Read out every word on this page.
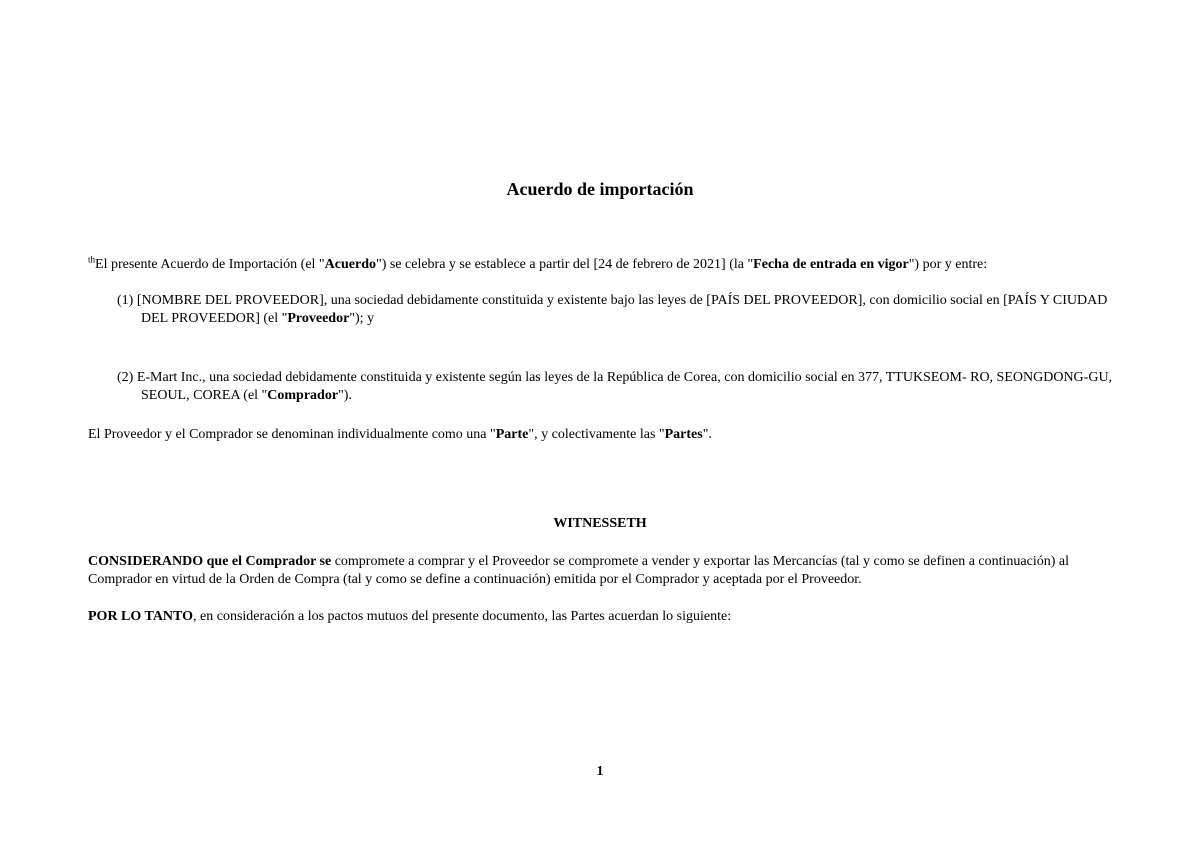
Acuerdo de importación
$^{th}$El presente Acuerdo de Importación (el "Acuerdo") se celebra y se establece a partir del [24 de febrero de 2021] (la "Fecha de entrada en vigor") por y entre:
(1) [NOMBRE DEL PROVEEDOR], una sociedad debidamente constituida y existente bajo las leyes de [PAÍS DEL PROVEEDOR], con domicilio social en [PAÍS Y CIUDAD DEL PROVEEDOR] (el "Proveedor"); y
(2) E-Mart Inc., una sociedad debidamente constituida y existente según las leyes de la República de Corea, con domicilio social en 377, TTUKSEOM- RO, SEONGDONG-GU, SEOUL, COREA (el "Comprador").
El Proveedor y el Comprador se denominan individualmente como una "Parte", y colectivamente las "Partes".
WITNESSETH
CONSIDERANDO que el Comprador se compromete a comprar y el Proveedor se compromete a vender y exportar las Mercancías (tal y como se definen a continuación) al Comprador en virtud de la Orden de Compra (tal y como se define a continuación) emitida por el Comprador y aceptada por el Proveedor.
POR LO TANTO, en consideración a los pactos mutuos del presente documento, las Partes acuerdan lo siguiente:
1
